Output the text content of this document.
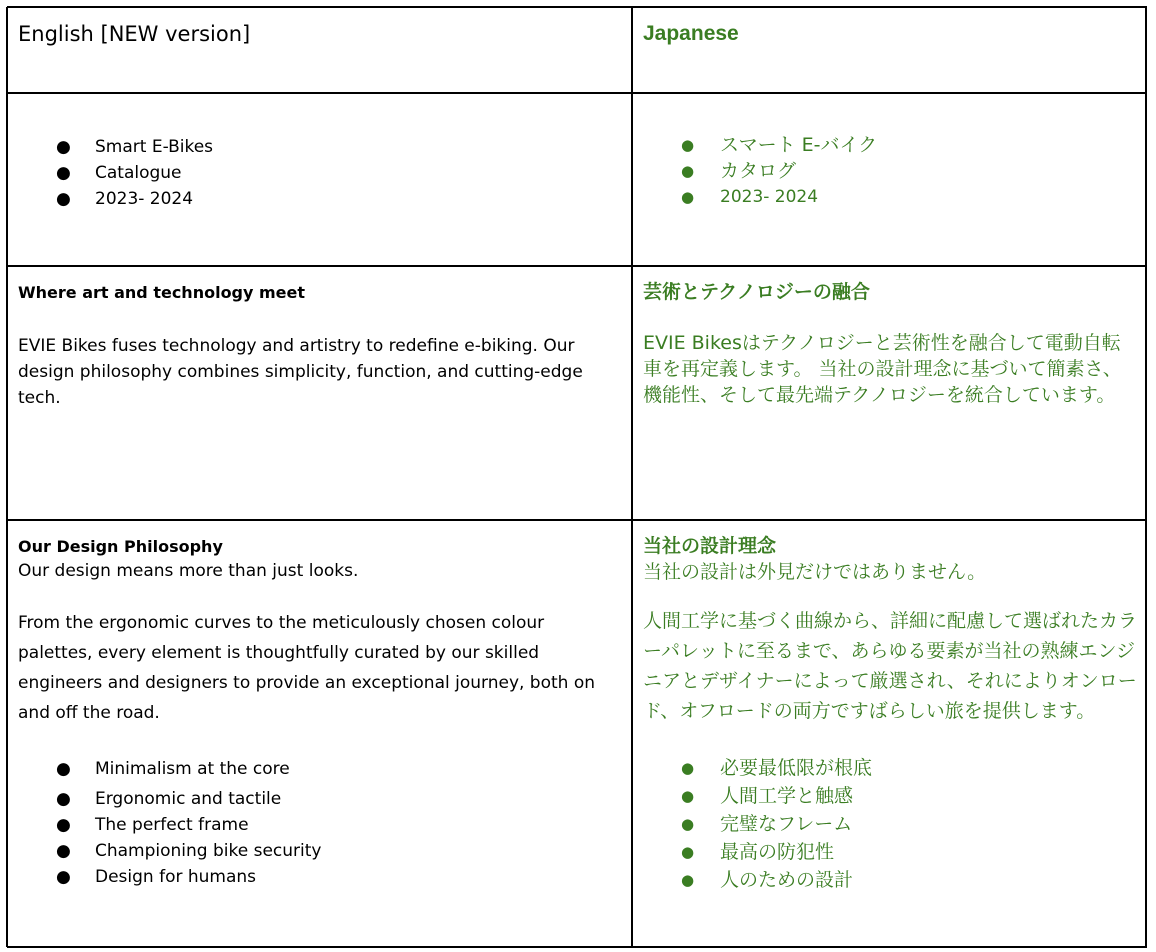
English [NEW version]	Japanese
● Smart E-Bikes
● Catalogue
● 2023- 2024
● スマート E-バイク
● カタログ
● 2023- 2024
Where art and technology meet
EVIE Bikes fuses technology and artistry to redefine e-biking. Our design philosophy combines simplicity, function, and cutting-edge tech.
芸術とテクノロジーの融合
EVIE Bikesはテクノロジーと芸術性を融合して電動自転車を再定義します。 当社の設計理念に基づいて簡素さ、機能性、そして最先端テクノロジーを統合しています。
Our Design Philosophy
Our design means more than just looks.
From the ergonomic curves to the meticulously chosen colour palettes, every element is thoughtfully curated by our skilled engineers and designers to provide an exceptional journey, both on and off the road.
● Minimalism at the core
● Ergonomic and tactile
● The perfect frame
● Championing bike security
● Design for humans
当社の設計理念
当社の設計は外見だけではありません。
人間工学に基づく曲線から、詳細に配慮して選ばれたカラーパレットに至るまで、あらゆる要素が当社の熟練エンジニアとデザイナーによって厳選され、それによりオンロード、オフロードの両方ですばらしい旅を提供します。
● 必要最低限が根底
● 人間工学と触感
● 完璧なフレーム
● 最高の防犯性
● 人のための設計
